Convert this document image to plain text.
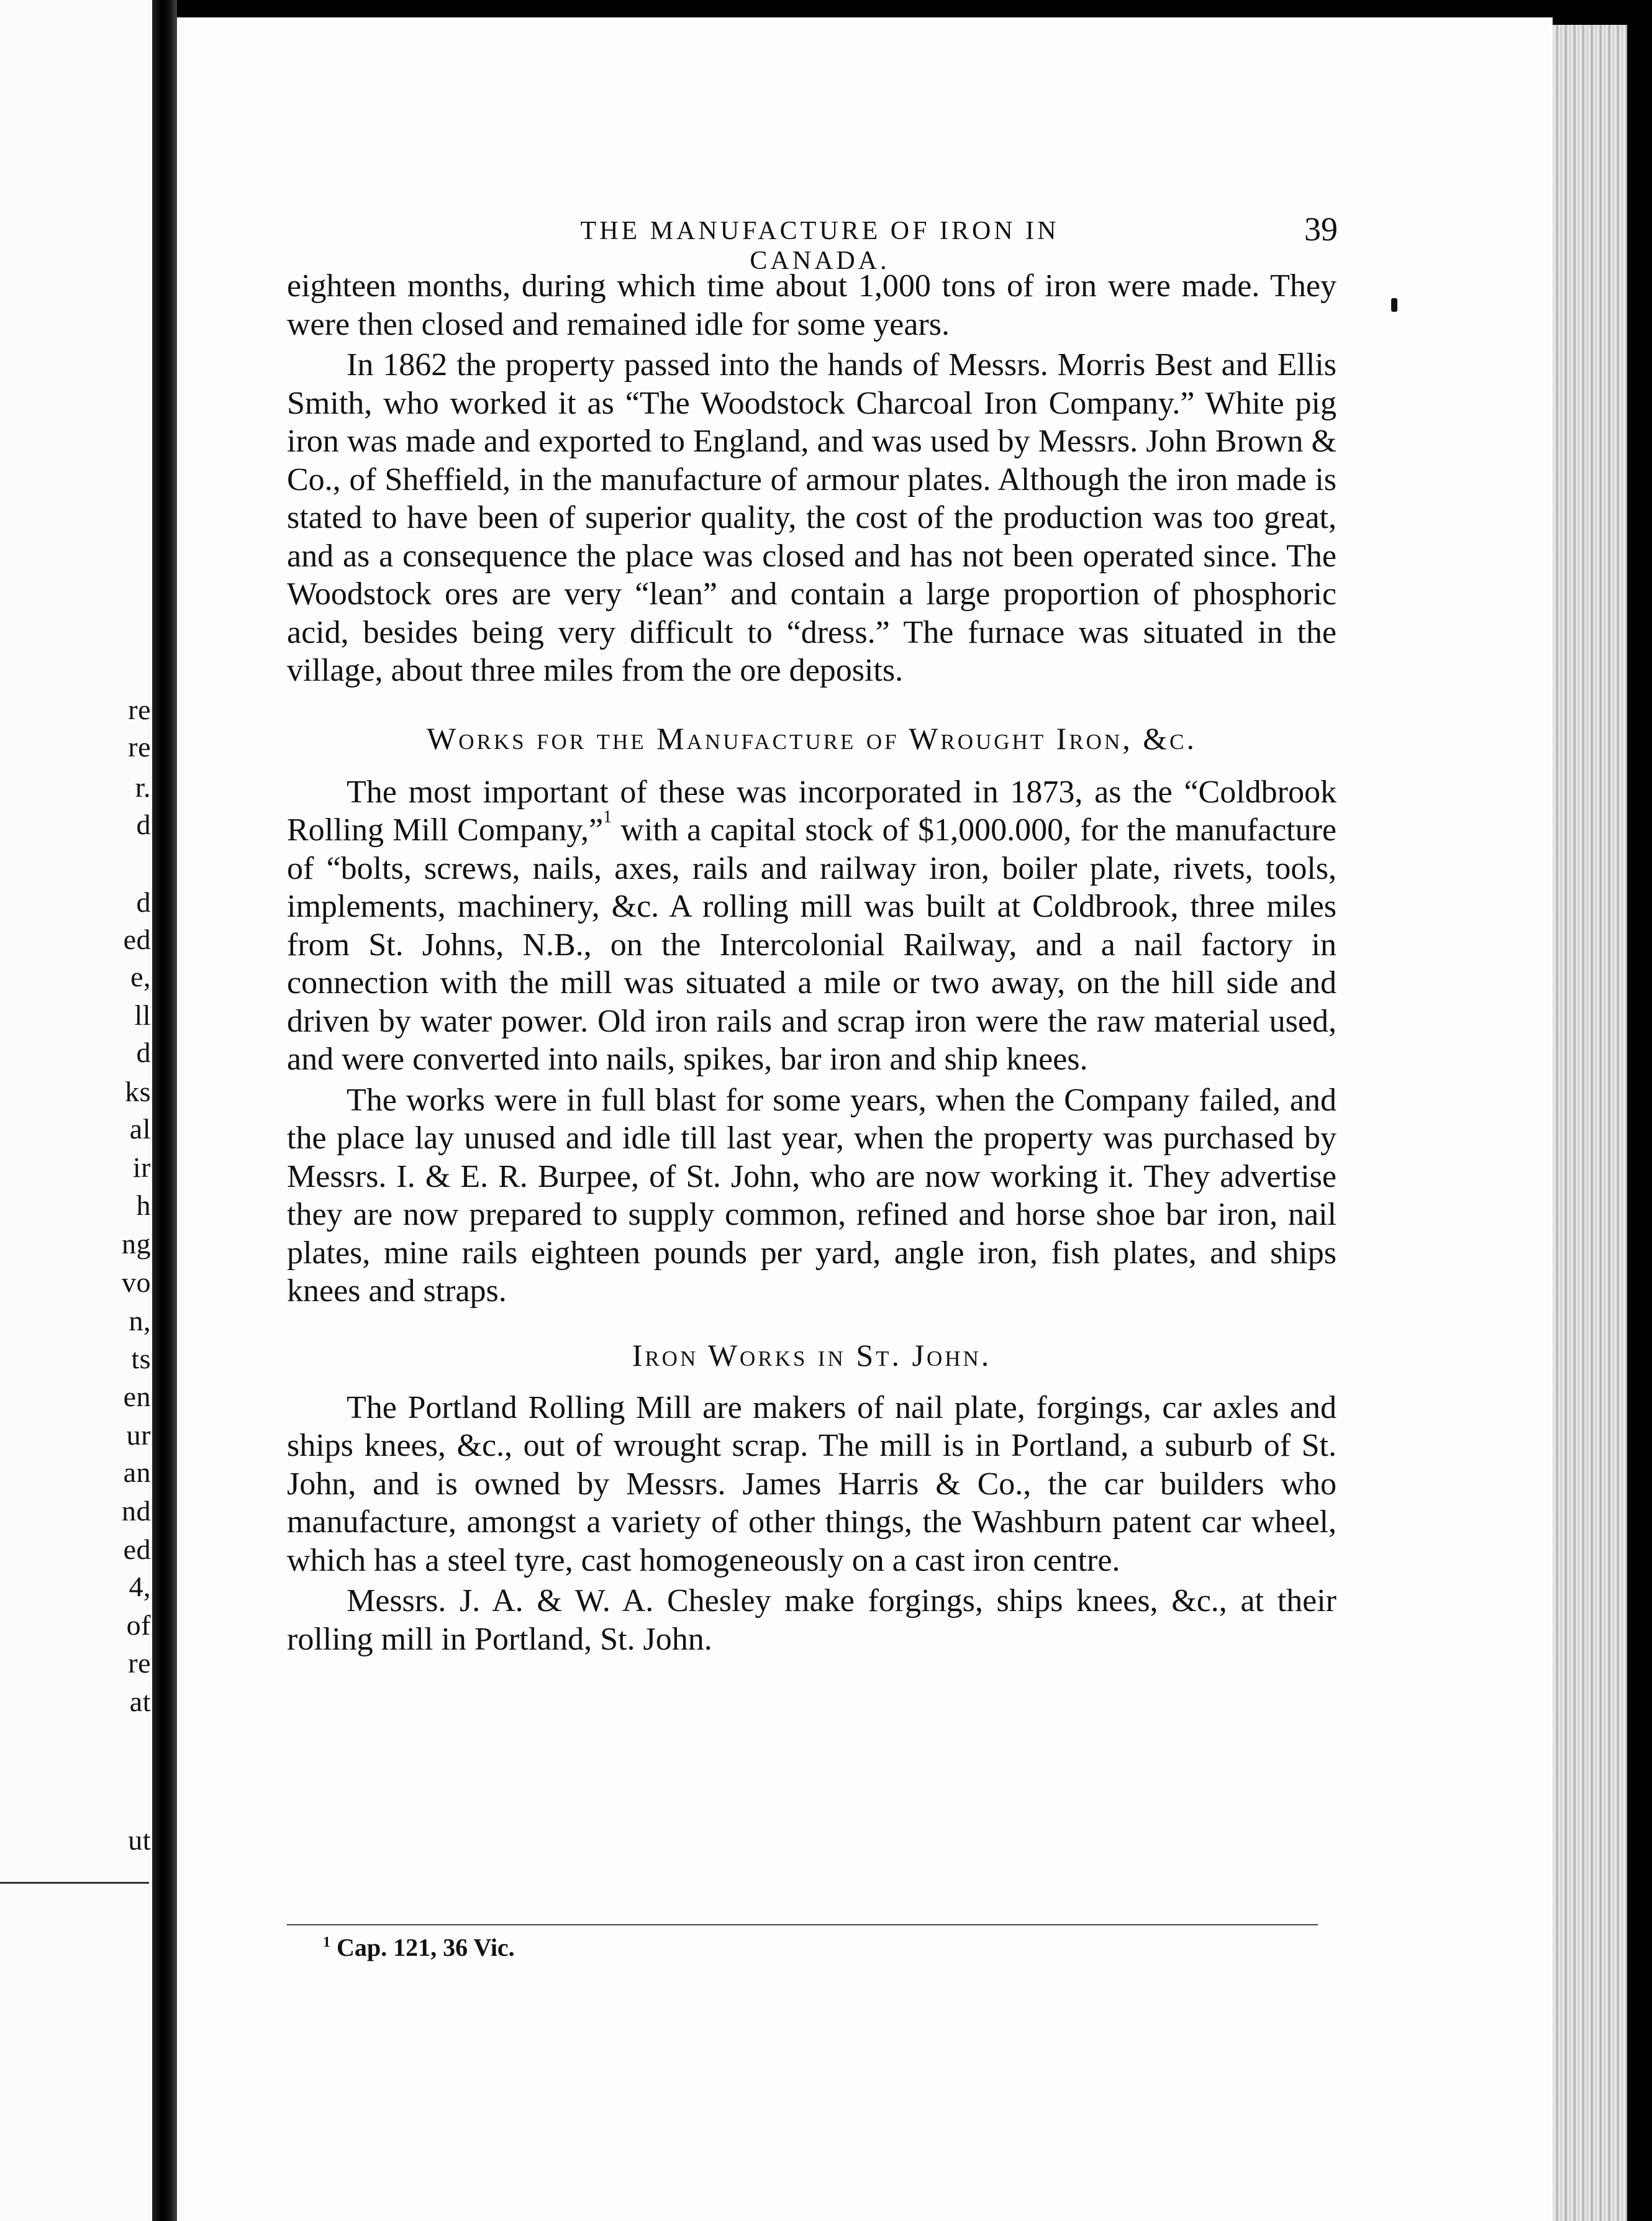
re
re
r.
d
d
ed
e,
ll
d
ks
al
ir
h
ng
vo
n,
ts
en
ur
an
nd
ed
4,
of
re
at
ut
THE MANUFACTURE OF IRON IN CANADA.
39

eighteen months, during which time about 1,000 tons of iron were made. They were then closed and remained idle for some years.

In 1862 the property passed into the hands of Messrs. Morris Best and Ellis Smith, who worked it as “The Woodstock Charcoal Iron Company.” White pig iron was made and exported to England, and was used by Messrs. John Brown & Co., of Sheffield, in the manufacture of armour plates. Although the iron made is stated to have been of superior quality, the cost of the production was too great, and as a consequence the place was closed and has not been operated since. The Woodstock ores are very “lean” and contain a large proportion of phosphoric acid, besides being very difficult to “dress.” The furnace was situated in the village, about three miles from the ore deposits.

Works for the Manufacture of Wrought Iron, &c.

The most important of these was incorporated in 1873, as the “Coldbrook Rolling Mill Company,”$^1$ with a capital stock of $1,000.000, for the manufacture of “bolts, screws, nails, axes, rails and railway iron, boiler plate, rivets, tools, implements, machinery, &c. A rolling mill was built at Coldbrook, three miles from St. Johns, N.B., on the Intercolonial Railway, and a nail factory in connection with the mill was situated a mile or two away, on the hill side and driven by water power. Old iron rails and scrap iron were the raw material used, and were converted into nails, spikes, bar iron and ship knees.

The works were in full blast for some years, when the Company failed, and the place lay unused and idle till last year, when the property was purchased by Messrs. I. & E. R. Burpee, of St. John, who are now working it. They advertise they are now prepared to supply common, refined and horse shoe bar iron, nail plates, mine rails eighteen pounds per yard, angle iron, fish plates, and ships knees and straps.

Iron Works in St. John.

The Portland Rolling Mill are makers of nail plate, forgings, car axles and ships knees, &c., out of wrought scrap. The mill is in Portland, a suburb of St. John, and is owned by Messrs. James Harris & Co., the car builders who manufacture, amongst a variety of other things, the Washburn patent car wheel, which has a steel tyre, cast homogeneously on a cast iron centre.

Messrs. J. A. & W. A. Chesley make forgings, ships knees, &c., at their rolling mill in Portland, St. John.

$^1$ Cap. 121, 36 Vic.
